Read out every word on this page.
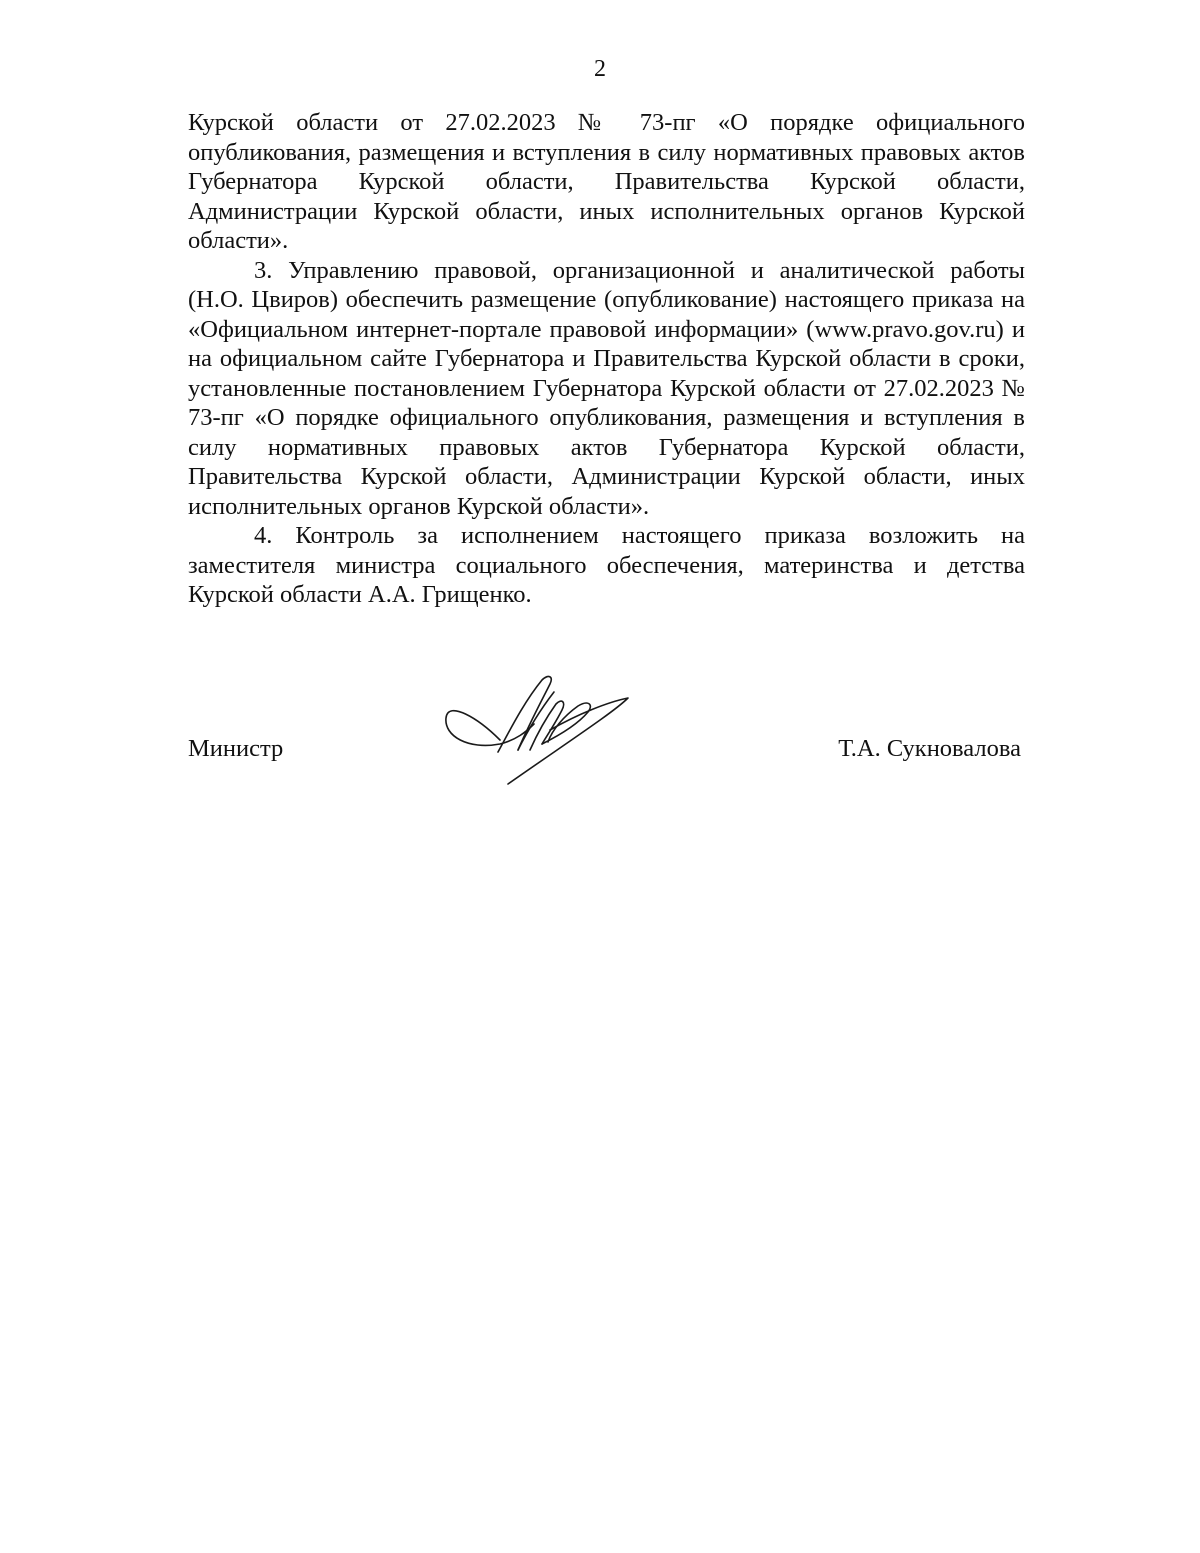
2

Курской области от 27.02.2023 № 73-пг «О порядке официального опубликования, размещения и вступления в силу нормативных правовых актов Губернатора Курской области, Правительства Курской области, Администрации Курской области, иных исполнительных органов Курской области».

3. Управлению правовой, организационной и аналитической работы (Н.О. Цвиров) обеспечить размещение (опубликование) настоящего приказа на «Официальном интернет-портале правовой информации» (www.pravo.gov.ru) и на официальном сайте Губернатора и Правительства Курской области в сроки, установленные постановлением Губернатора Курской области от 27.02.2023 № 73-пг «О порядке официального опубликования, размещения и вступления в силу нормативных правовых актов Губернатора Курской области, Правительства Курской области, Администрации Курской области, иных исполнительных органов Курской области».

4. Контроль за исполнением настоящего приказа возложить на заместителя министра социального обеспечения, материнства и детства Курской области А.А. Грищенко.

Министр	Т.А. Сукновалова
